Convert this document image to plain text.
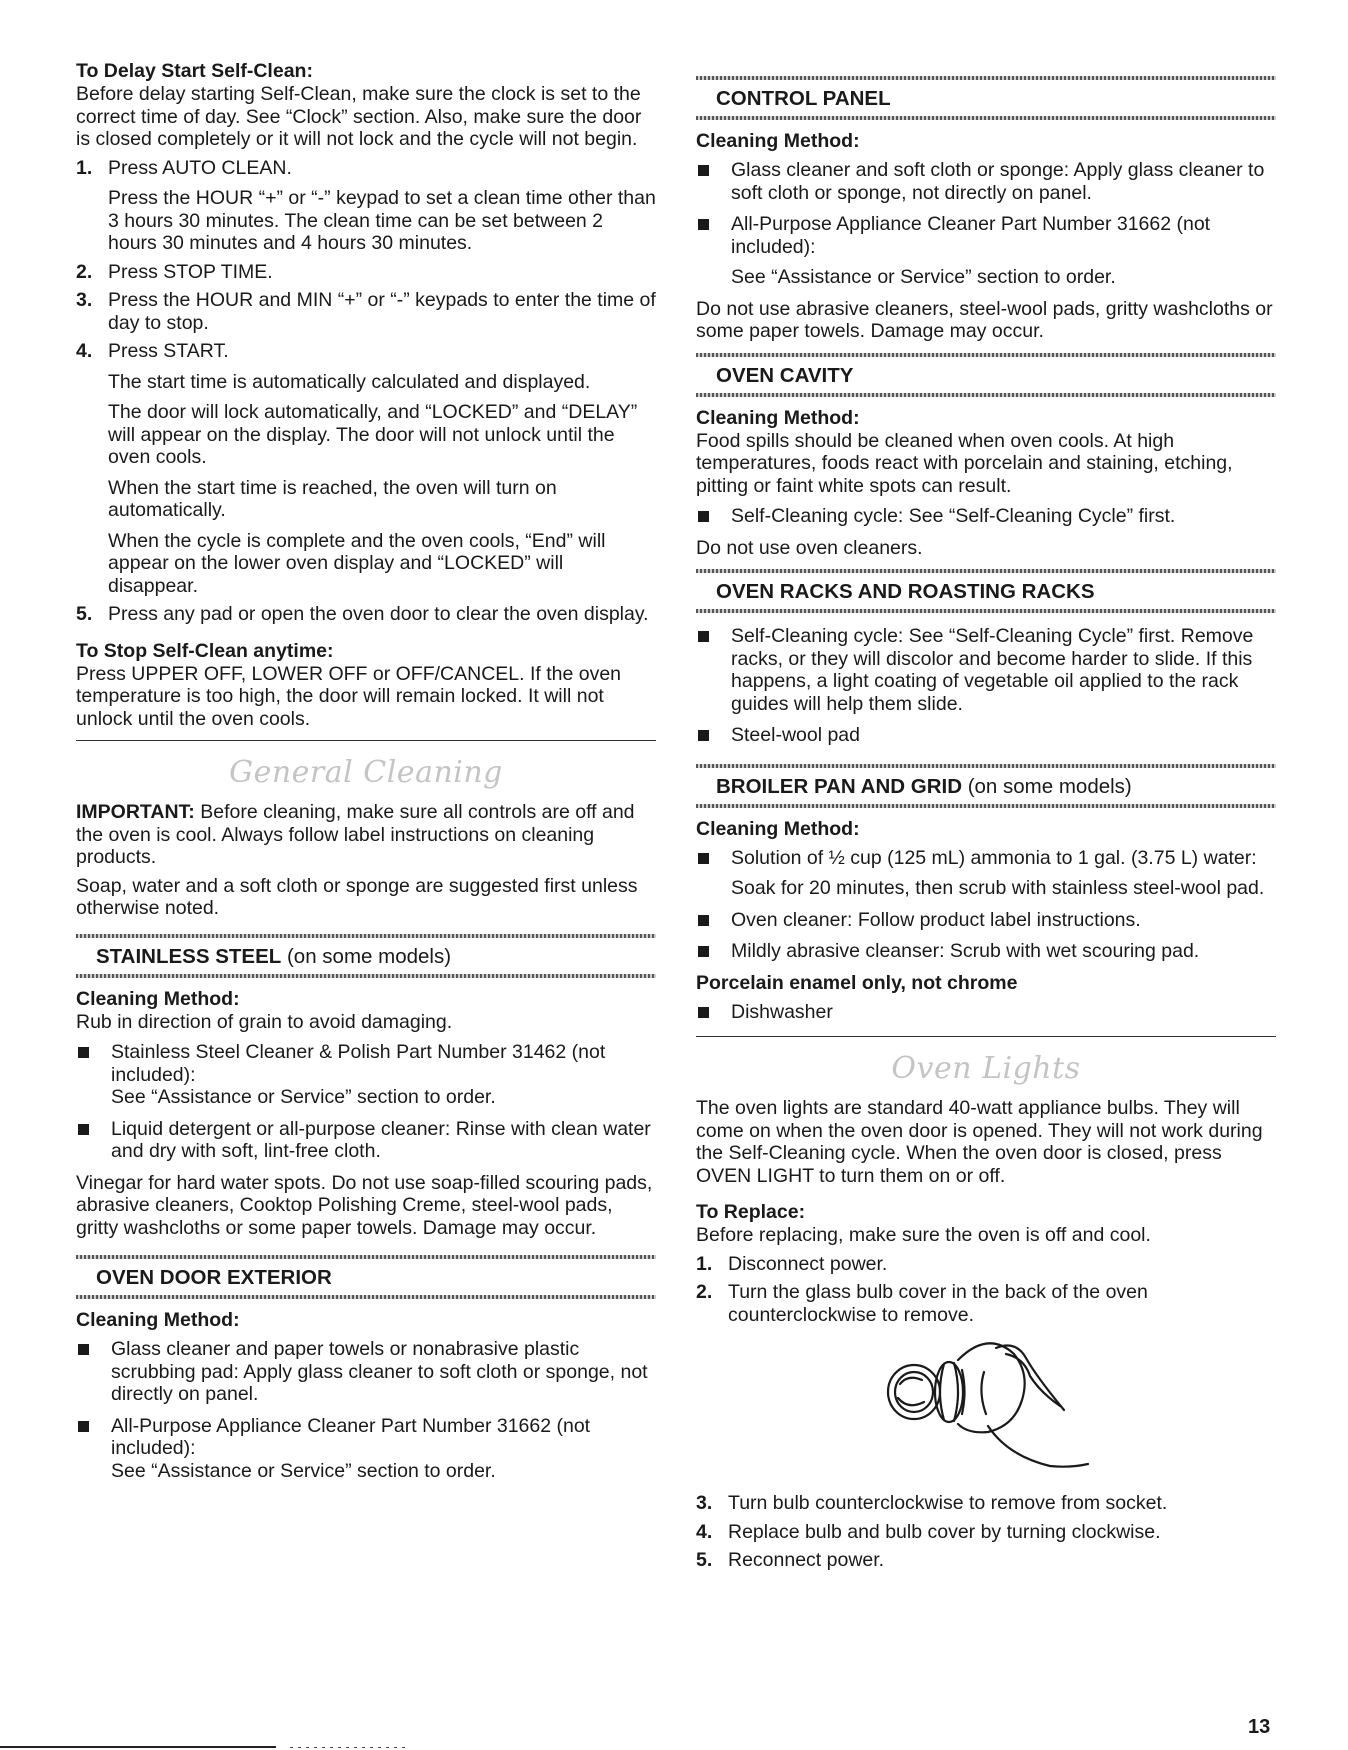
To Delay Start Self-Clean:

Before delay starting Self-Clean, make sure the clock is set to the correct time of day. See “Clock” section. Also, make sure the door is closed completely or it will not lock and the cycle will not begin.

1. Press AUTO CLEAN.

Press the HOUR “+” or “-” keypad to set a clean time other than 3 hours 30 minutes. The clean time can be set between 2 hours 30 minutes and 4 hours 30 minutes.

2. Press STOP TIME.

3. Press the HOUR and MIN “+” or “-” keypads to enter the time of day to stop.

4. Press START.

The start time is automatically calculated and displayed.

The door will lock automatically, and “LOCKED” and “DELAY” will appear on the display. The door will not unlock until the oven cools.

When the start time is reached, the oven will turn on automatically.

When the cycle is complete and the oven cools, “End” will appear on the lower oven display and “LOCKED” will disappear.

5. Press any pad or open the oven door to clear the oven display.

To Stop Self-Clean anytime:

Press UPPER OFF, LOWER OFF or OFF/CANCEL. If the oven temperature is too high, the door will remain locked. It will not unlock until the oven cools.

General Cleaning

IMPORTANT: Before cleaning, make sure all controls are off and the oven is cool. Always follow label instructions on cleaning products.

Soap, water and a soft cloth or sponge are suggested first unless otherwise noted.

STAINLESS STEEL (on some models)

Cleaning Method:

Rub in direction of grain to avoid damaging.

Stainless Steel Cleaner & Polish Part Number 31462 (not included):

See “Assistance or Service” section to order.

Liquid detergent or all-purpose cleaner: Rinse with clean water and dry with soft, lint-free cloth.

Vinegar for hard water spots. Do not use soap-filled scouring pads, abrasive cleaners, Cooktop Polishing Creme, steel-wool pads, gritty washcloths or some paper towels. Damage may occur.

OVEN DOOR EXTERIOR

Cleaning Method:

Glass cleaner and paper towels or nonabrasive plastic scrubbing pad: Apply glass cleaner to soft cloth or sponge, not directly on panel.

All-Purpose Appliance Cleaner Part Number 31662 (not included):

See “Assistance or Service” section to order.

CONTROL PANEL

Cleaning Method:

Glass cleaner and soft cloth or sponge: Apply glass cleaner to soft cloth or sponge, not directly on panel.

All-Purpose Appliance Cleaner Part Number 31662 (not included):

See “Assistance or Service” section to order.

Do not use abrasive cleaners, steel-wool pads, gritty washcloths or some paper towels. Damage may occur.

OVEN CAVITY

Cleaning Method:

Food spills should be cleaned when oven cools. At high temperatures, foods react with porcelain and staining, etching, pitting or faint white spots can result.

Self-Cleaning cycle: See “Self-Cleaning Cycle” first.

Do not use oven cleaners.

OVEN RACKS AND ROASTING RACKS

Self-Cleaning cycle: See “Self-Cleaning Cycle” first. Remove racks, or they will discolor and become harder to slide. If this happens, a light coating of vegetable oil applied to the rack guides will help them slide.

Steel-wool pad

BROILER PAN AND GRID (on some models)

Cleaning Method:

Solution of ½ cup (125 mL) ammonia to 1 gal. (3.75 L) water:

Soak for 20 minutes, then scrub with stainless steel-wool pad.

Oven cleaner: Follow product label instructions.

Mildly abrasive cleanser: Scrub with wet scouring pad.

Porcelain enamel only, not chrome

Dishwasher

Oven Lights

The oven lights are standard 40-watt appliance bulbs. They will come on when the oven door is opened. They will not work during the Self-Cleaning cycle. When the oven door is closed, press OVEN LIGHT to turn them on or off.

To Replace:

Before replacing, make sure the oven is off and cool.

1. Disconnect power.

2. Turn the glass bulb cover in the back of the oven counterclockwise to remove.

3. Turn bulb counterclockwise to remove from socket.

4. Replace bulb and bulb cover by turning clockwise.

5. Reconnect power.

13
